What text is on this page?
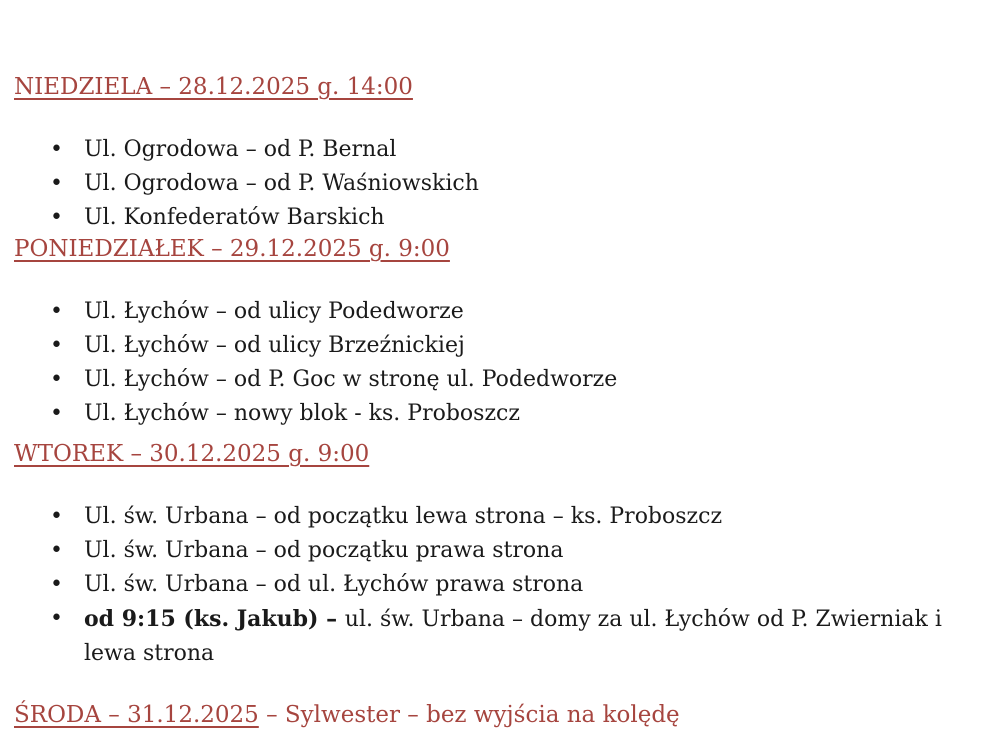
NIEDZIELA – 28.12.2025 g. 14:00
• Ul. Ogrodowa – od P. Bernal
• Ul. Ogrodowa – od P. Waśniowskich
• Ul. Konfederatów Barskich
PONIEDZIAŁEK – 29.12.2025 g. 9:00
• Ul. Łychów – od ulicy Podedworze
• Ul. Łychów – od ulicy Brzeźnickiej
• Ul. Łychów – od P. Goc w stronę ul. Podedworze
• Ul. Łychów – nowy blok - ks. Proboszcz
WTOREK – 30.12.2025 g. 9:00
• Ul. św. Urbana – od początku lewa strona – ks. Proboszcz
• Ul. św. Urbana – od początku prawa strona
• Ul. św. Urbana – od ul. Łychów prawa strona
• od 9:15 (ks. Jakub) – ul. św. Urbana – domy za ul. Łychów od P. Zwierniak i lewa strona

ŚRODA – 31.12.2025 – Sylwester – bez wyjścia na kolędę
